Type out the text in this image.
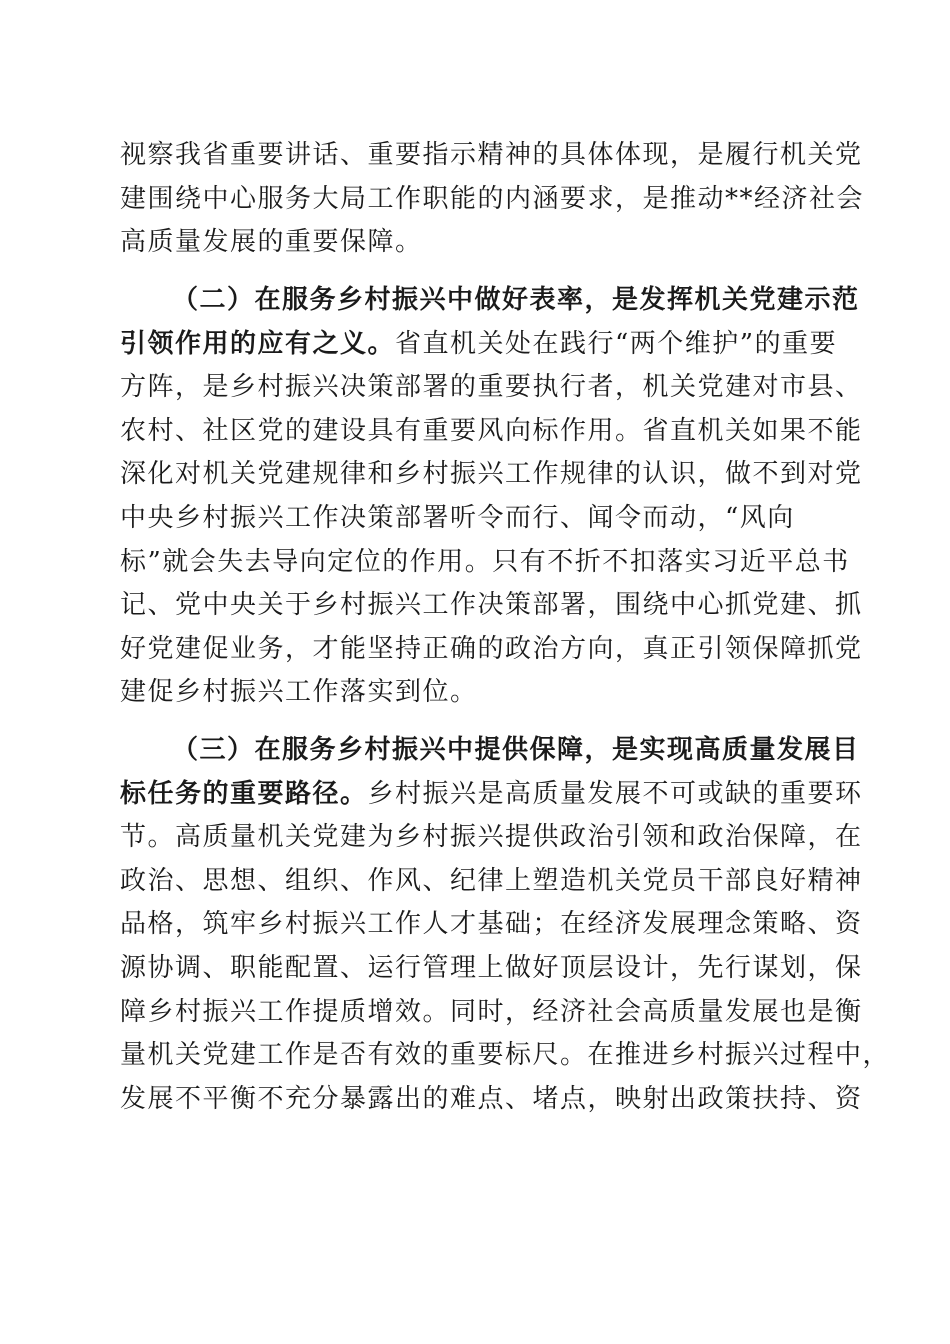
视察我省重要讲话、重要指示精神的具体体现，是履行机关党
建围绕中心服务大局工作职能的内涵要求，是推动**经济社会
高质量发展的重要保障。
（二）在服务乡村振兴中做好表率，是发挥机关党建示范
引领作用的应有之义。省直机关处在践行“两个维护”的重要
方阵，是乡村振兴决策部署的重要执行者，机关党建对市县、
农村、社区党的建设具有重要风向标作用。省直机关如果不能
深化对机关党建规律和乡村振兴工作规律的认识，做不到对党
中央乡村振兴工作决策部署听令而行、闻令而动，“风向
标”就会失去导向定位的作用。只有不折不扣落实习近平总书
记、党中央关于乡村振兴工作决策部署，围绕中心抓党建、抓
好党建促业务，才能坚持正确的政治方向，真正引领保障抓党
建促乡村振兴工作落实到位。
（三）在服务乡村振兴中提供保障，是实现高质量发展目
标任务的重要路径。乡村振兴是高质量发展不可或缺的重要环
节。高质量机关党建为乡村振兴提供政治引领和政治保障，在
政治、思想、组织、作风、纪律上塑造机关党员干部良好精神
品格，筑牢乡村振兴工作人才基础；在经济发展理念策略、资
源协调、职能配置、运行管理上做好顶层设计，先行谋划，保
障乡村振兴工作提质增效。同时，经济社会高质量发展也是衡
量机关党建工作是否有效的重要标尺。在推进乡村振兴过程中，
发展不平衡不充分暴露出的难点、堵点，映射出政策扶持、资
